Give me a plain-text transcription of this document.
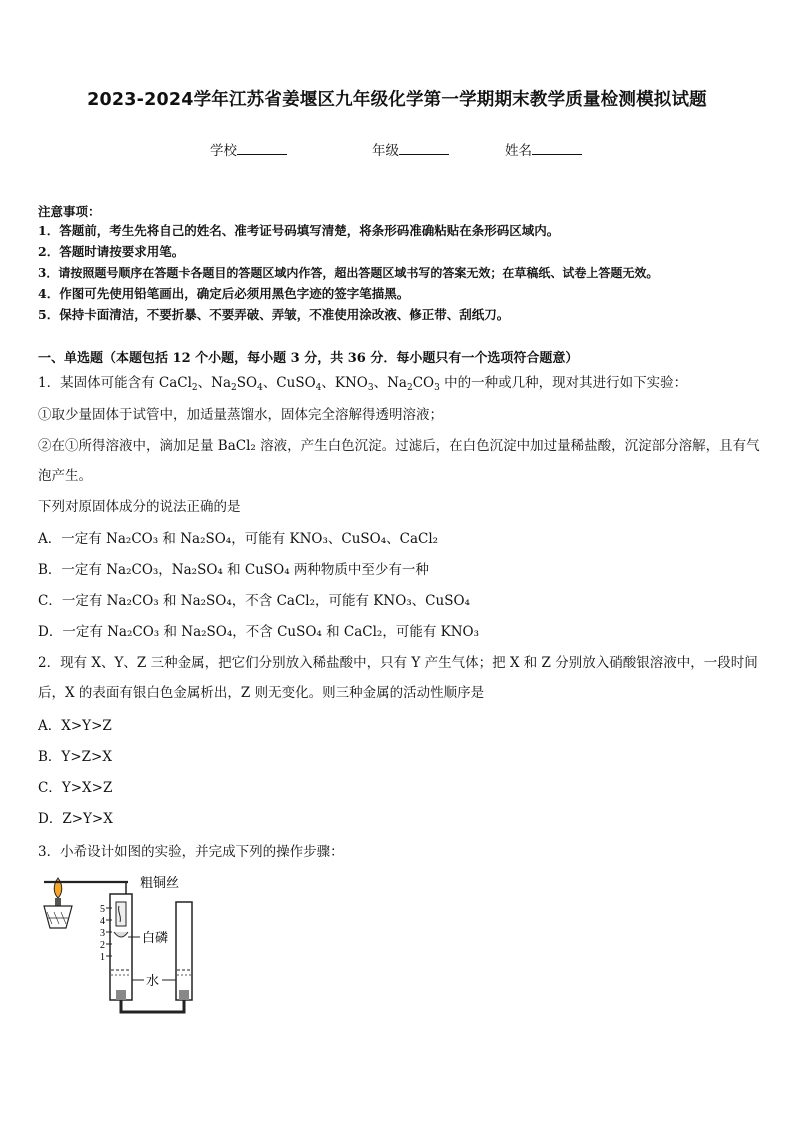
2023-2024学年江苏省姜堰区九年级化学第一学期期末教学质量检测模拟试题
学校	年级	姓名
注意事项：
1．答题前，考生先将自己的姓名、准考证号码填写清楚，将条形码准确粘贴在条形码区域内。
2．答题时请按要求用笔。
3．请按照题号顺序在答题卡各题目的答题区域内作答，超出答题区域书写的答案无效；在草稿纸、试卷上答题无效。
4．作图可先使用铅笔画出，确定后必须用黑色字迹的签字笔描黑。
5．保持卡面清洁，不要折暴、不要弄破、弄皱，不准使用涂改液、修正带、刮纸刀。
一、单选题（本题包括 12 个小题，每小题 3 分，共 36 分．每小题只有一个选项符合题意）
1．某固体可能含有 CaCl$_2$、$Na_2SO_4$、CuSO$_4$、$KNO_3$、$Na_2CO_3$ 中的一种或几种，现对其进行如下实验：
①取少量固体于试管中，加适量蒸馏水，固体完全溶解得透明溶液；
②在①所得溶液中，滴加足量 BaCl₂ 溶液，产生白色沉淀。过滤后，在白色沉淀中加过量稀盐酸，沉淀部分溶解，且有气泡产生。
下列对原固体成分的说法正确的是
A．一定有 Na₂CO₃ 和 Na₂SO₄，可能有 KNO₃、CuSO₄、CaCl₂
B．一定有 Na₂CO₃，Na₂SO₄ 和 CuSO₄ 两种物质中至少有一种
C．一定有 Na₂CO₃ 和 Na₂SO₄，不含 CaCl₂，可能有 KNO₃、CuSO₄
D．一定有 Na₂CO₃ 和 Na₂SO₄，不含 CuSO₄ 和 CaCl₂，可能有 KNO₃
2．现有 X、Y、Z 三种金属，把它们分别放入稀盐酸中，只有 Y 产生气体；把 X 和 Z 分别放入硝酸银溶液中，一段时间后，X 的表面有银白色金属析出，Z 则无变化。则三种金属的活动性顺序是
A．X>Y>Z
B．Y>Z>X
C．Y>X>Z
D．Z>Y>X
3．小希设计如图的实验，并完成下列的操作步骤：
5
4
3
2
1
粗铜丝
白磷
水
